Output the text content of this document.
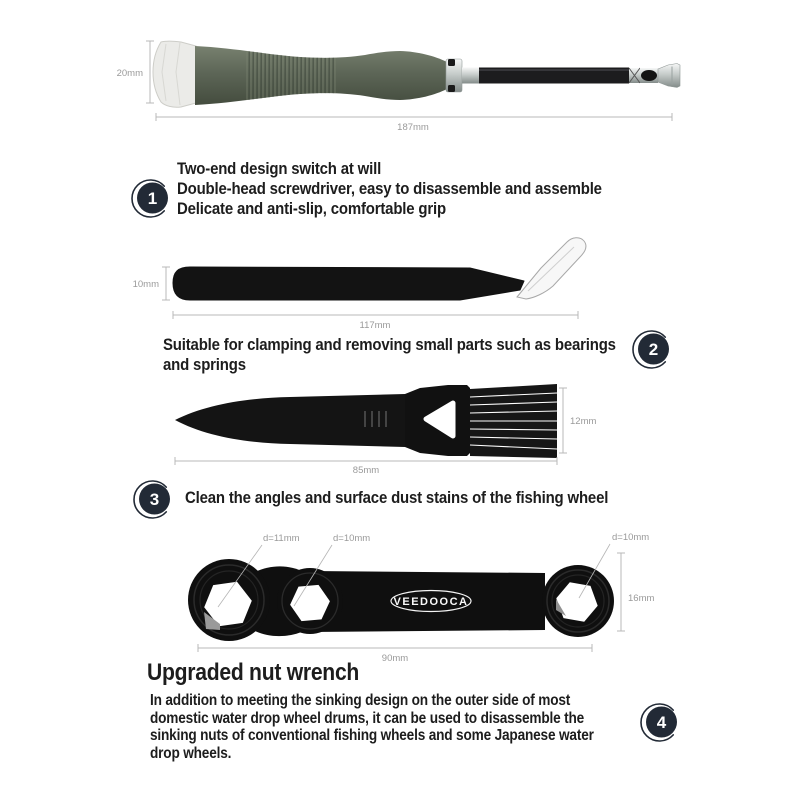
20mm
187mm
10mm
117mm
12mm
85mm
VEEDOOCA
d=11mm	d=10mm	d=10mm
16mm
90mm
1
2
3
4
Two-end design switch at will
Double-head screwdriver, easy to disassemble and assemble
Delicate and anti-slip, comfortable grip
Suitable for clamping and removing small parts such as bearings
and springs
Clean the angles and surface dust stains of the fishing wheel
Upgraded nut wrench
In addition to meeting the sinking design on the outer side of most
domestic water drop wheel drums, it can be used to disassemble the
sinking nuts of conventional fishing wheels and some Japanese water
drop wheels.
